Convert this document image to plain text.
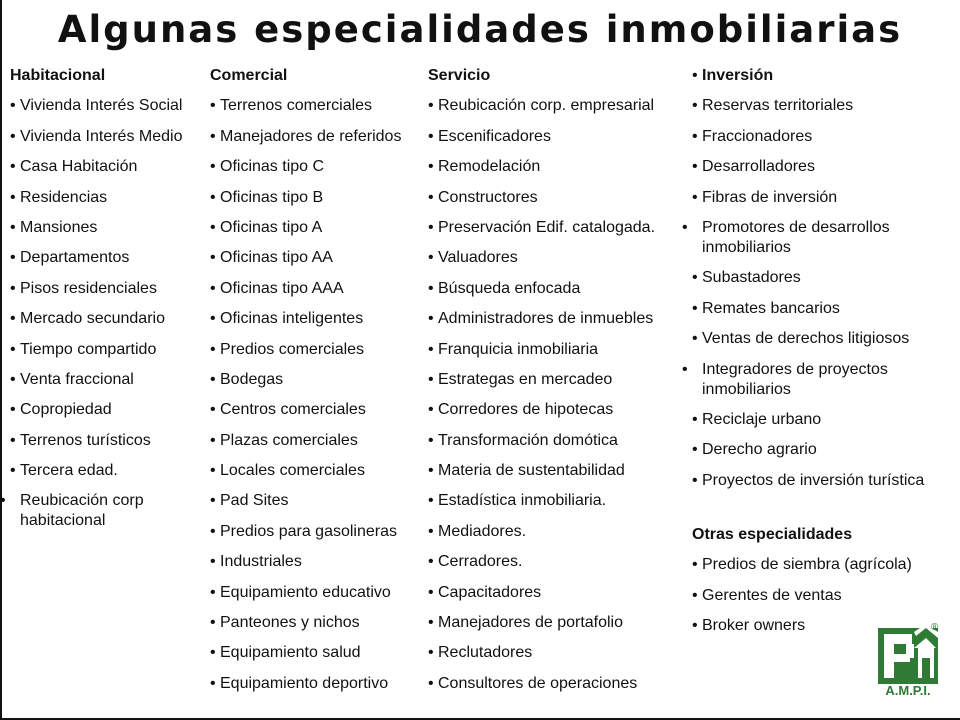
Algunas especialidades inmobiliarias
Habitacional
• Vivienda Interés Social
• Vivienda Interés Medio
• Casa Habitación
• Residencias
• Mansiones
• Departamentos
• Pisos residenciales
• Mercado secundario
• Tiempo compartido
• Venta fraccional
• Copropiedad
• Terrenos turísticos
• Tercera edad.
• Reubicación corp habitacional
Comercial
• Terrenos comerciales
• Manejadores de referidos
• Oficinas tipo C
• Oficinas tipo B
• Oficinas tipo A
• Oficinas tipo AA
• Oficinas tipo AAA
• Oficinas inteligentes
• Predios comerciales
• Bodegas
• Centros comerciales
• Plazas comerciales
• Locales comerciales
• Pad Sites
• Predios para gasolineras
• Industriales
• Equipamiento educativo
• Panteones y nichos
• Equipamiento salud
• Equipamiento deportivo
Servicio
• Reubicación corp. empresarial
• Escenificadores
• Remodelación
• Constructores
• Preservación Edif. catalogada.
• Valuadores
• Búsqueda enfocada
• Administradores de inmuebles
• Franquicia inmobiliaria
• Estrategas en mercadeo
• Corredores de hipotecas
• Transformación domótica
• Materia de sustentabilidad
• Estadística inmobiliaria.
• Mediadores.
• Cerradores.
• Capacitadores
• Manejadores de portafolio
• Reclutadores
• Consultores de operaciones
• Inversión
• Reservas territoriales
• Fraccionadores
• Desarrolladores
• Fibras de inversión
• Promotores de desarrollos inmobiliarios
• Subastadores
• Remates bancarios
• Ventas de derechos litigiosos
• Integradores de proyectos inmobiliarios
• Reciclaje urbano
• Derecho agrario
• Proyectos de inversión turística
Otras especialidades
• Predios de siembra (agrícola)
• Gerentes de ventas
• Broker owners	®
A.M.P.I.
